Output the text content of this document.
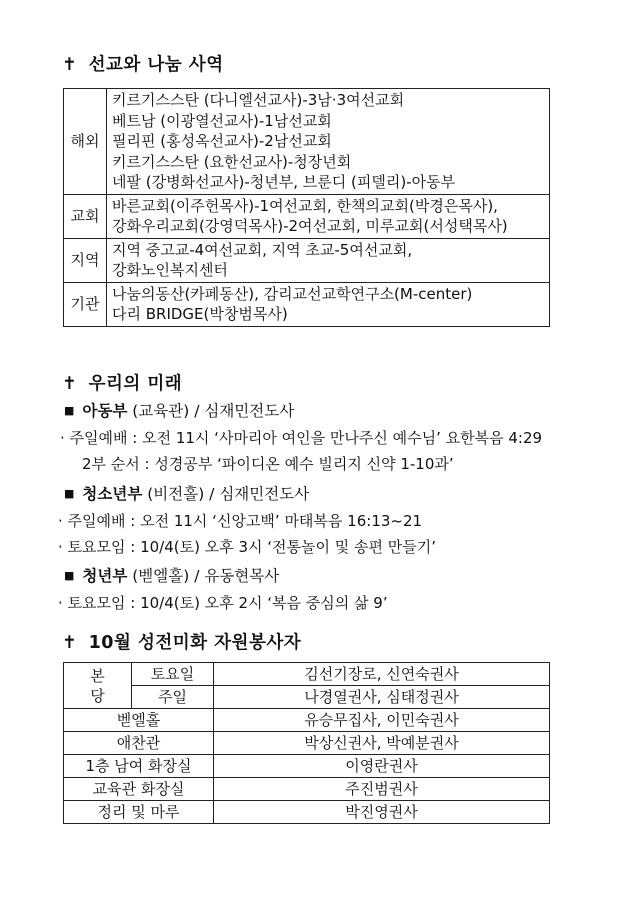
✝ 선교와 나눔 사역
해외	키르기스스탄 (다니엘선교사)-3남·3여선교회
베트남 (이광열선교사)-1남선교회
필리핀 (홍성옥선교사)-2남선교회
키르기스스탄 (요한선교사)-청장년회
네팔 (강병화선교사)-청년부, 브룬디 (피델리)-아동부

교회	바른교회(이주헌목사)-1여선교회, 한책의교회(박경은목사),
강화우리교회(강영덕목사)-2여선교회, 미루교회(서성택목사)

지역	지역 중고교-4여선교회, 지역 초교-5여선교회,
강화노인복지센터

기관	나눔의동산(카페동산), 감리교선교학연구소(M-center)
다리 BRIDGE(박창범목사)
✝ 우리의 미래
■ 아동부 (교육관) / 심재민전도사
· 주일예배 : 오전 11시 ‘사마리아 여인을 만나주신 예수님’ 요한복음 4:29
2부 순서 : 성경공부 ‘파이디온 예수 빌리지 신약 1-10과’
■ 청소년부 (비전홀) / 심재민전도사
· 주일예배 : 오전 11시 ‘신앙고백’ 마태복음 16:13~21
· 토요모임 : 10/4(토) 오후 3시 ‘전통놀이 및 송편 만들기’
■ 청년부 (벧엘홀) / 유동현목사
· 토요모임 : 10/4(토) 오후 2시 ‘복음 중심의 삶 9’
✝ 10월 성전미화 자원봉사자
본
당	토요일	김선기장로, 신연숙권사
	주일	나경열권사, 심태정권사
벧엘홀		유승무집사, 이민숙권사
애찬관		박상신권사, 박예분권사
1층 남여 화장실		이영란권사
교육관 화장실		주진범권사
정리 및 마루		박진영권사
